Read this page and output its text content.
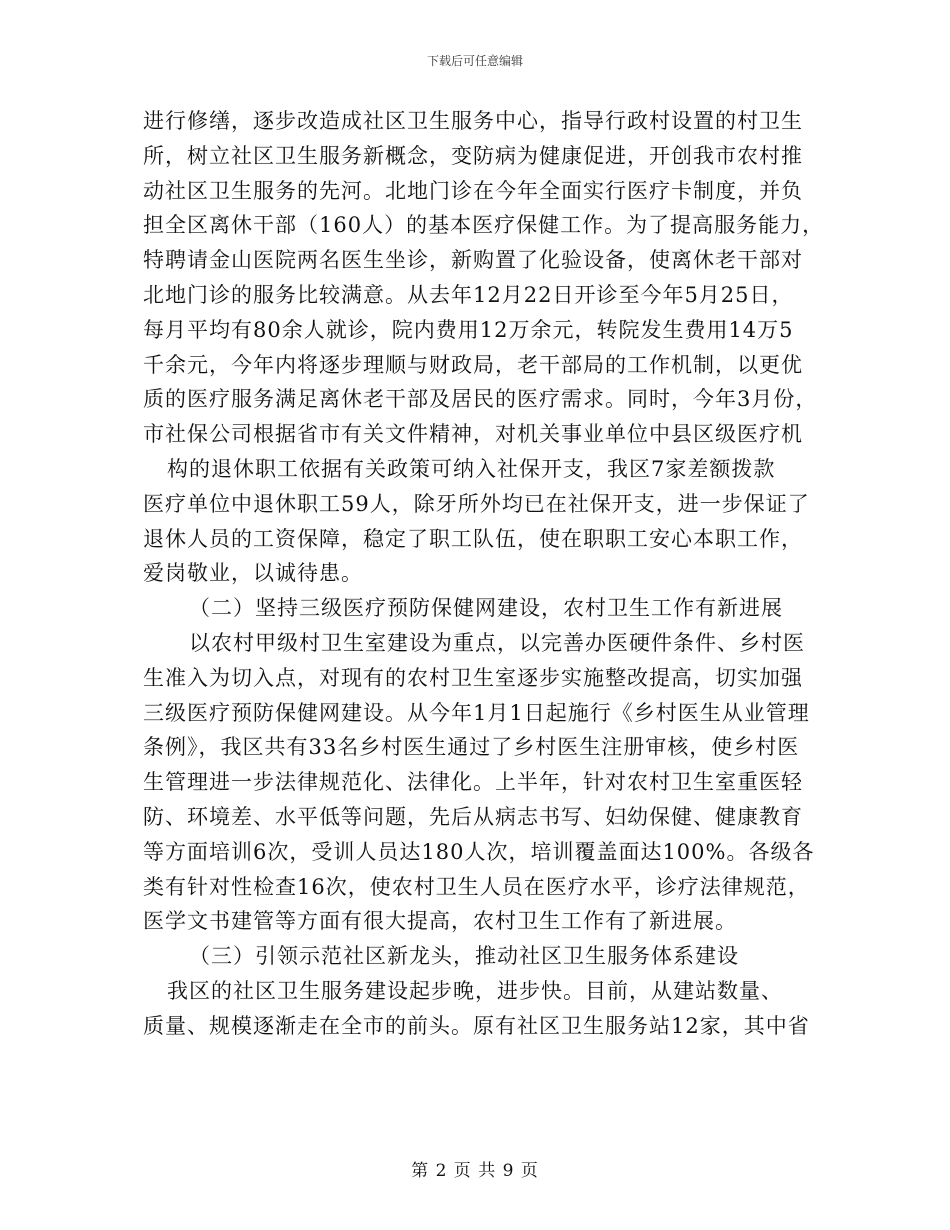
下载后可任意编辑
进行修缮，逐步改造成社区卫生服务中心，指导行政村设置的村卫生
所，树立社区卫生服务新概念，变防病为健康促进，开创我市农村推
动社区卫生服务的先河。北地门诊在今年全面实行医疗卡制度，并负
担全区离休干部（160人）的基本医疗保健工作。为了提高服务能力，
特聘请金山医院两名医生坐诊，新购置了化验设备，使离休老干部对
北地门诊的服务比较满意。从去年12月22日开诊至今年5月25日，
每月平均有80余人就诊，院内费用12万余元，转院发生费用14万5
千余元，今年内将逐步理顺与财政局，老干部局的工作机制，以更优
质的医疗服务满足离休老干部及居民的医疗需求。同时，今年3月份，
市社保公司根据省市有关文件精神，对机关事业单位中县区级医疗机
构的退休职工依据有关政策可纳入社保开支，我区7家差额拨款
医疗单位中退休职工59人，除牙所外均已在社保开支，进一步保证了
退休人员的工资保障，稳定了职工队伍，使在职职工安心本职工作，
爱岗敬业，以诚待患。
（二）坚持三级医疗预防保健网建设，农村卫生工作有新进展
以农村甲级村卫生室建设为重点，以完善办医硬件条件、乡村医
生准入为切入点，对现有的农村卫生室逐步实施整改提高，切实加强
三级医疗预防保健网建设。从今年1月1日起施行《乡村医生从业管理
条例》，我区共有33名乡村医生通过了乡村医生注册审核，使乡村医
生管理进一步法律规范化、法律化。上半年，针对农村卫生室重医轻
防、环境差、水平低等问题，先后从病志书写、妇幼保健、健康教育
等方面培训6次，受训人员达180人次，培训覆盖面达100%。各级各
类有针对性检查16次，使农村卫生人员在医疗水平，诊疗法律规范，
医学文书建管等方面有很大提高，农村卫生工作有了新进展。
（三）引领示范社区新龙头，推动社区卫生服务体系建设
我区的社区卫生服务建设起步晚，进步快。目前，从建站数量、
质量、规模逐渐走在全市的前头。原有社区卫生服务站12家，其中省
第 2 页 共 9 页
